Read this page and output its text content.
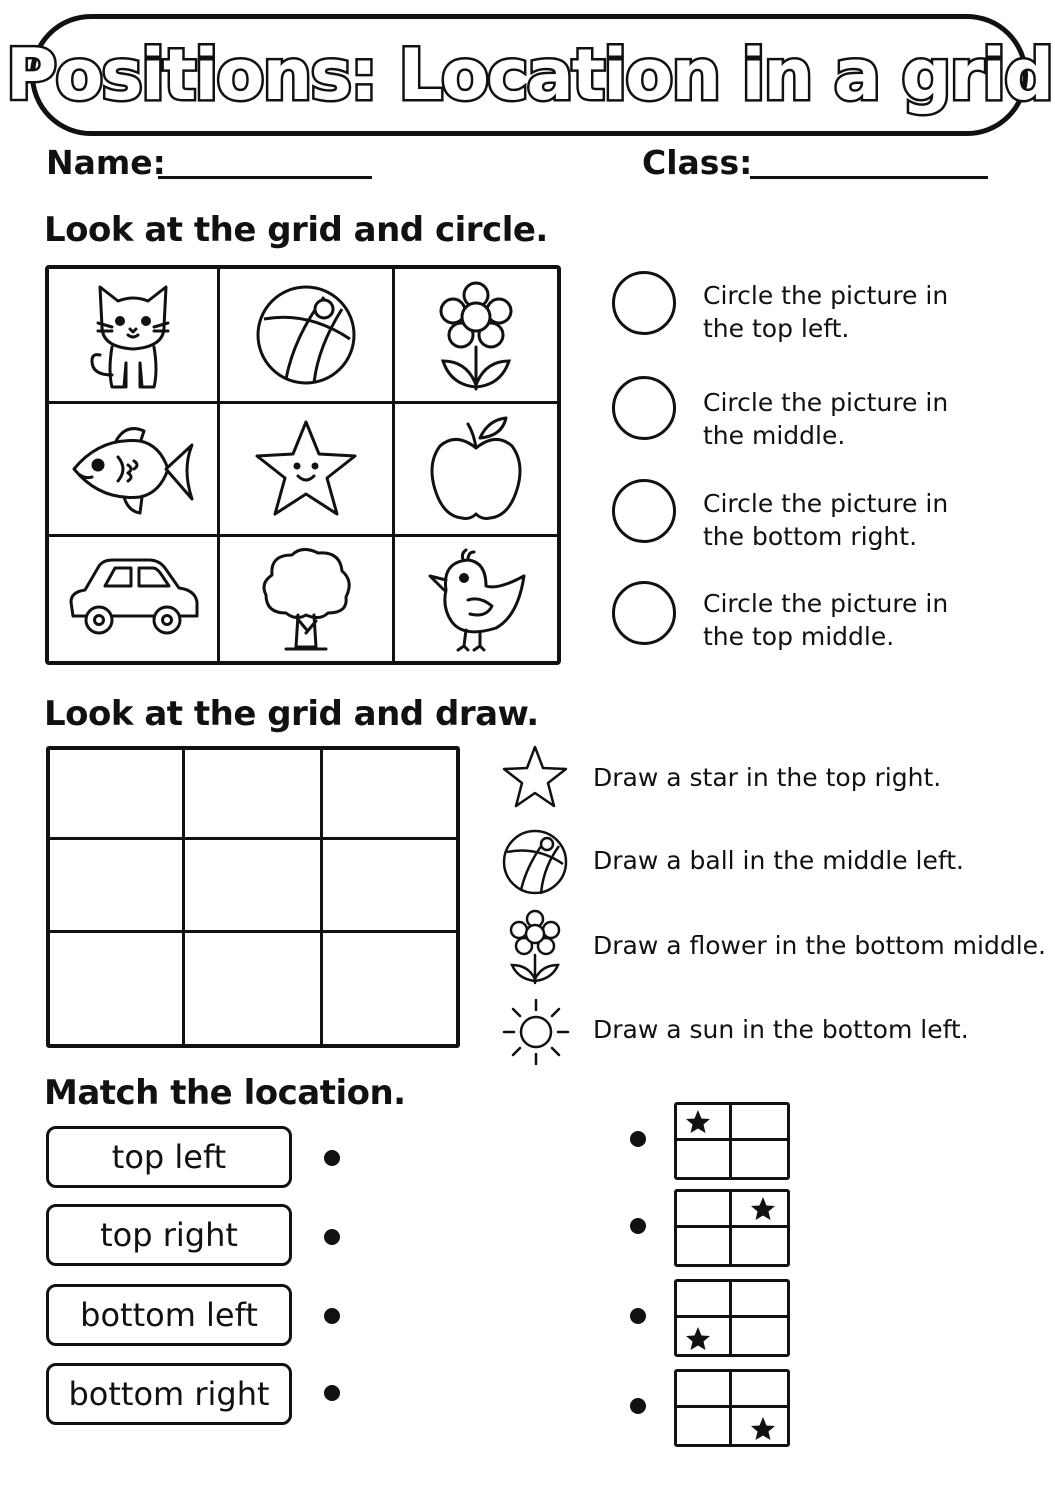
Positions: Location in a grid
Name:	Class:
Look at the grid and circle.
Circle the picture in
the top left.
Circle the picture in
the middle.
Circle the picture in
the bottom right.
Circle the picture in
the top middle.
Look at the grid and draw.
Draw a star in the top right.
Draw a ball in the middle left.
Draw a flower in the bottom middle.
Draw a sun in the bottom left.
Match the location.
top left
top right
bottom left
bottom right
